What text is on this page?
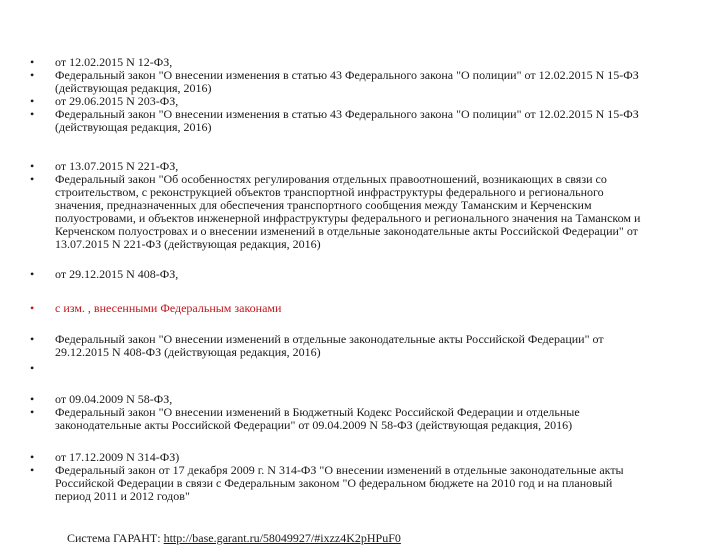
•	от 12.02.2015 N 12-ФЗ,
•	Федеральный закон "О внесении изменения в статью 43 Федерального закона "О полиции" от 12.02.2015 N 15-ФЗ
(действующая редакция, 2016)
•	от 29.06.2015 N 203-ФЗ,
•	Федеральный закон "О внесении изменения в статью 43 Федерального закона "О полиции" от 12.02.2015 N 15-ФЗ
(действующая редакция, 2016)
•	от 13.07.2015 N 221-ФЗ,
•	Федеральный закон "Об особенностях регулирования отдельных правоотношений, возникающих в связи со
строительством, с реконструкцией объектов транспортной инфраструктуры федерального и регионального
значения, предназначенных для обеспечения транспортного сообщения между Таманским и Керченским
полуостровами, и объектов инженерной инфраструктуры федерального и регионального значения на Таманском и
Керченском полуостровах и о внесении изменений в отдельные законодательные акты Российской Федерации" от
13.07.2015 N 221-ФЗ (действующая редакция, 2016)
•	от 29.12.2015 N 408-ФЗ,
•	с изм. , внесенными Федеральным законами
•	Федеральный закон "О внесении изменений в отдельные законодательные акты Российской Федерации" от
29.12.2015 N 408-ФЗ (действующая редакция, 2016)
•
•	от 09.04.2009 N 58-ФЗ,
•	Федеральный закон "О внесении изменений в Бюджетный Кодекс Российской Федерации и отдельные
законодательные акты Российской Федерации" от 09.04.2009 N 58-ФЗ (действующая редакция, 2016)
•	от 17.12.2009 N 314-ФЗ)
•	Федеральный закон от 17 декабря 2009 г. N 314-ФЗ "О внесении изменений в отдельные законодательные акты
Российской Федерации в связи с Федеральным законом "О федеральном бюджете на 2010 год и на плановый
период 2011 и 2012 годов"

Система ГАРАНТ: http://base.garant.ru/58049927/#ixzz4K2pHPuF0
